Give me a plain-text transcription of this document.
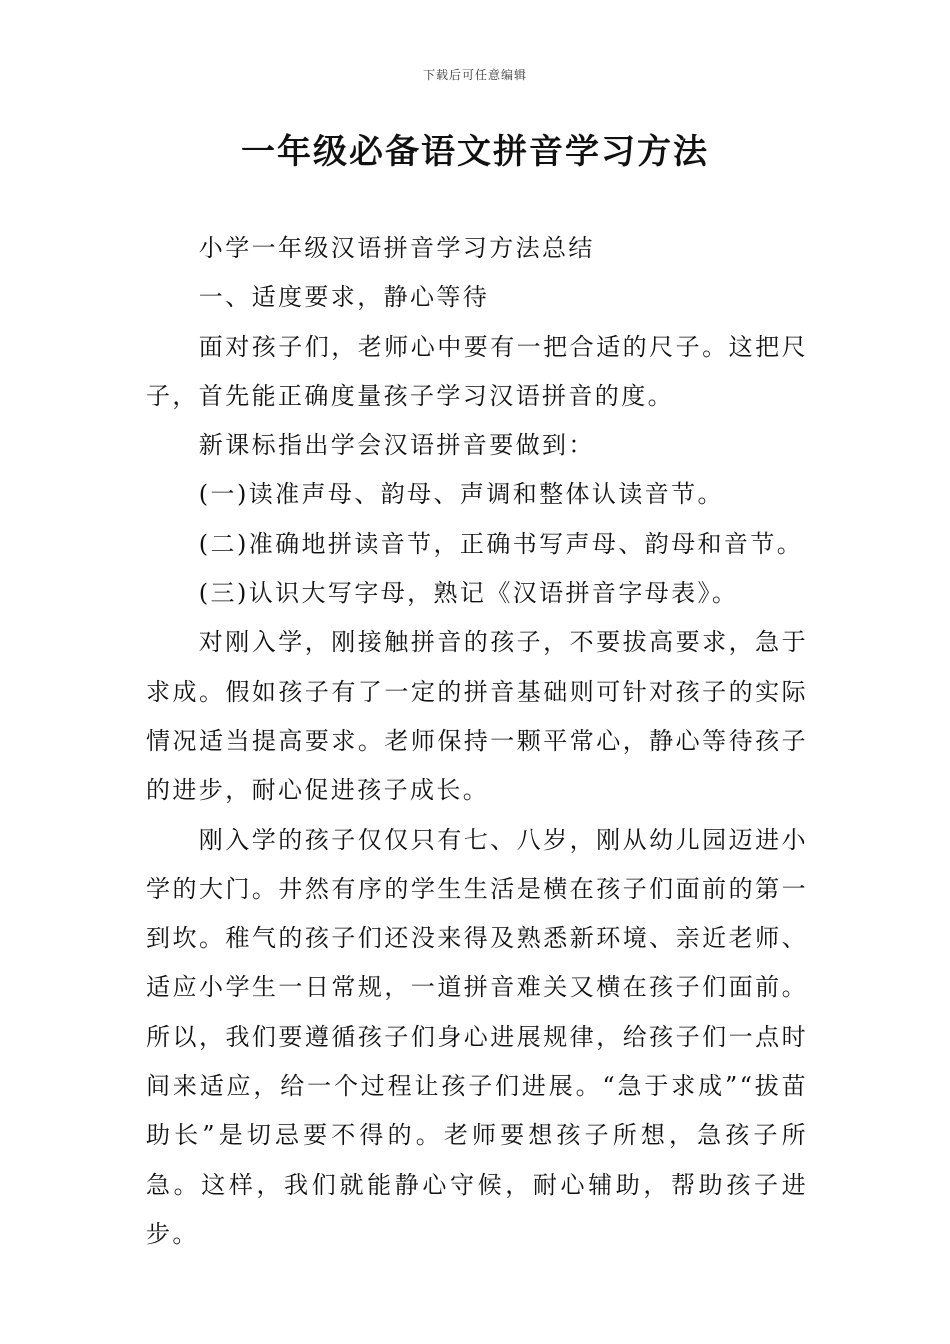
下载后可任意编辑
一年级必备语文拼音学习方法

小学一年级汉语拼音学习方法总结

一、适度要求，静心等待

面对孩子们，老师心中要有一把合适的尺子。这把尺子，首先能正确度量孩子学习汉语拼音的度。

新课标指出学会汉语拼音要做到：

(一)读准声母、韵母、声调和整体认读音节。

(二)准确地拼读音节，正确书写声母、韵母和音节。

(三)认识大写字母，熟记《汉语拼音字母表》。

对刚入学，刚接触拼音的孩子，不要拔高要求，急于求成。假如孩子有了一定的拼音基础则可针对孩子的实际情况适当提高要求。老师保持一颗平常心，静心等待孩子的进步，耐心促进孩子成长。

刚入学的孩子仅仅只有七、八岁，刚从幼儿园迈进小学的大门。井然有序的学生生活是横在孩子们面前的第一到坎。稚气的孩子们还没来得及熟悉新环境、亲近老师、适应小学生一日常规，一道拼音难关又横在孩子们面前。所以，我们要遵循孩子们身心进展规律，给孩子们一点时间来适应，给一个过程让孩子们进展。“急于求成”“拔苗助长”是切忌要不得的。老师要想孩子所想，急孩子所急。这样，我们就能静心守候，耐心辅助，帮助孩子进步。
